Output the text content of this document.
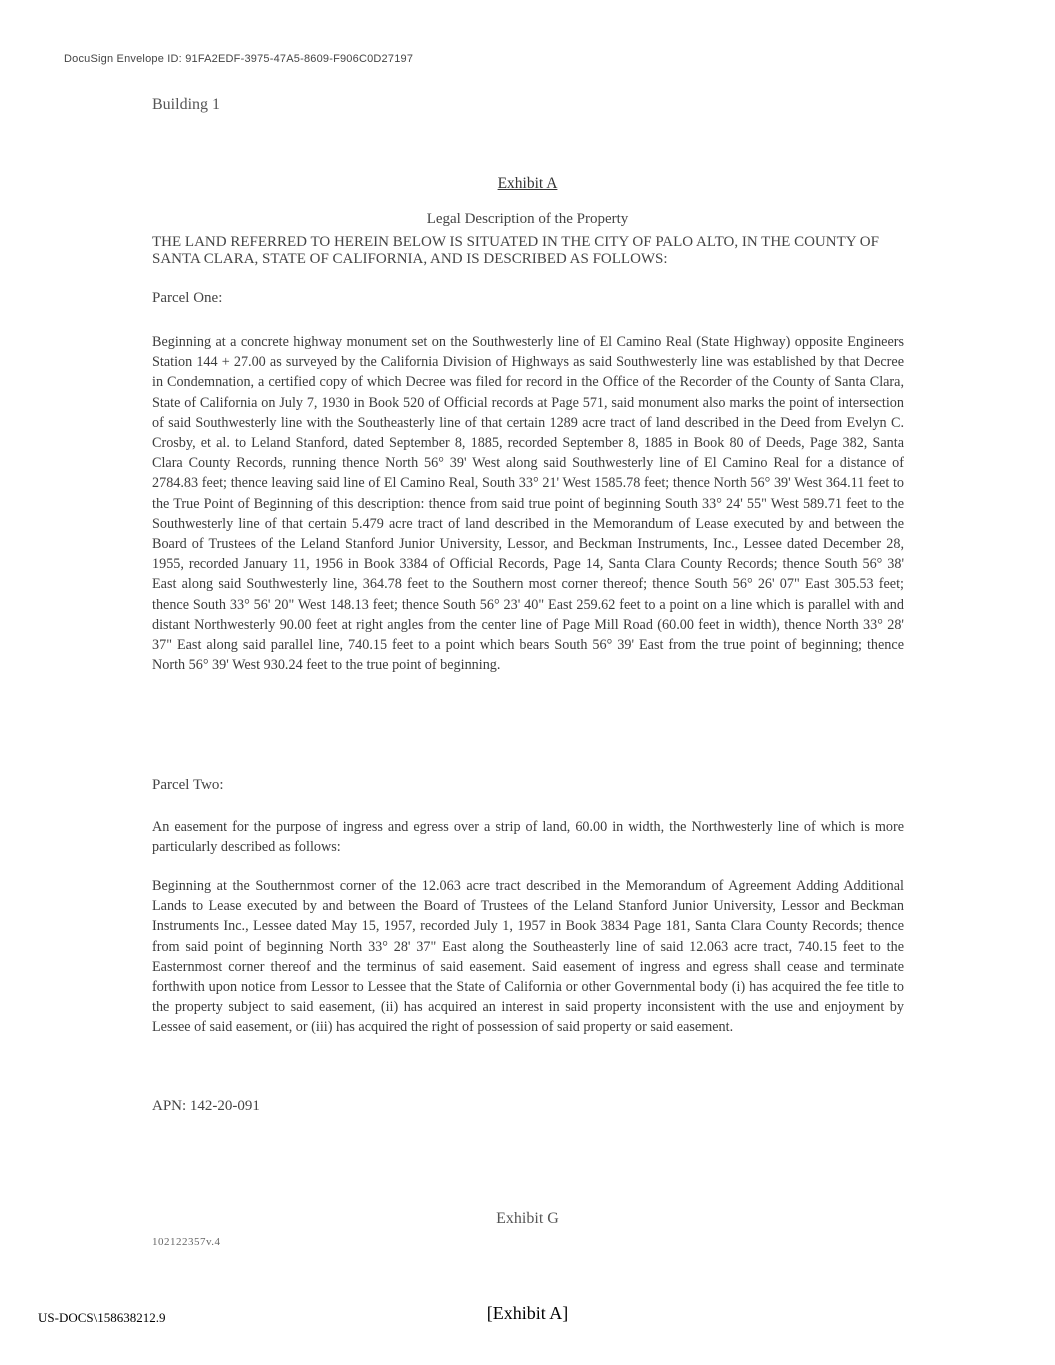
DocuSign Envelope ID: 91FA2EDF-3975-47A5-8609-F906C0D27197
Building 1
Exhibit A
Legal Description of the Property
THE LAND REFERRED TO HEREIN BELOW IS SITUATED IN THE CITY OF PALO ALTO, IN THE COUNTY OF SANTA CLARA, STATE OF CALIFORNIA, AND IS DESCRIBED AS FOLLOWS:
Parcel One:
Beginning at a concrete highway monument set on the Southwesterly line of El Camino Real (State Highway) opposite Engineers Station 144 + 27.00 as surveyed by the California Division of Highways as said Southwesterly line was established by that Decree in Condemnation, a certified copy of which Decree was filed for record in the Office of the Recorder of the County of Santa Clara, State of California on July 7, 1930 in Book 520 of Official records at Page 571, said monument also marks the point of intersection of said Southwesterly line with the Southeasterly line of that certain 1289 acre tract of land described in the Deed from Evelyn C. Crosby, et al. to Leland Stanford, dated September 8, 1885, recorded September 8, 1885 in Book 80 of Deeds, Page 382, Santa Clara County Records, running thence North 56° 39' West along said Southwesterly line of El Camino Real for a distance of 2784.83 feet; thence leaving said line of El Camino Real, South 33° 21' West 1585.78 feet; thence North 56° 39' West 364.11 feet to the True Point of Beginning of this description: thence from said true point of beginning South 33° 24' 55" West 589.71 feet to the Southwesterly line of that certain 5.479 acre tract of land described in the Memorandum of Lease executed by and between the Board of Trustees of the Leland Stanford Junior University, Lessor, and Beckman Instruments, Inc., Lessee dated December 28, 1955, recorded January 11, 1956 in Book 3384 of Official Records, Page 14, Santa Clara County Records; thence South 56° 38' East along said Southwesterly line, 364.78 feet to the Southern most corner thereof; thence South 56° 26' 07" East 305.53 feet; thence South 33° 56' 20" West 148.13 feet; thence South 56° 23' 40" East 259.62 feet to a point on a line which is parallel with and distant Northwesterly 90.00 feet at right angles from the center line of Page Mill Road (60.00 feet in width), thence North 33° 28' 37" East along said parallel line, 740.15 feet to a point which bears South 56° 39' East from the true point of beginning; thence North 56° 39' West 930.24 feet to the true point of beginning.
Parcel Two:
An easement for the purpose of ingress and egress over a strip of land, 60.00 in width, the Northwesterly line of which is more particularly described as follows:
Beginning at the Southernmost corner of the 12.063 acre tract described in the Memorandum of Agreement Adding Additional Lands to Lease executed by and between the Board of Trustees of the Leland Stanford Junior University, Lessor and Beckman Instruments Inc., Lessee dated May 15, 1957, recorded July 1, 1957 in Book 3834 Page 181, Santa Clara County Records; thence from said point of beginning North 33° 28' 37" East along the Southeasterly line of said 12.063 acre tract, 740.15 feet to the Easternmost corner thereof and the terminus of said easement. Said easement of ingress and egress shall cease and terminate forthwith upon notice from Lessor to Lessee that the State of California or other Governmental body (i) has acquired the fee title to the property subject to said easement, (ii) has acquired an interest in said property inconsistent with the use and enjoyment by Lessee of said easement, or (iii) has acquired the right of possession of said property or said easement.
APN: 142-20-091
Exhibit G
102122357v.4
US-DOCS\158638212.9	[Exhibit A]
